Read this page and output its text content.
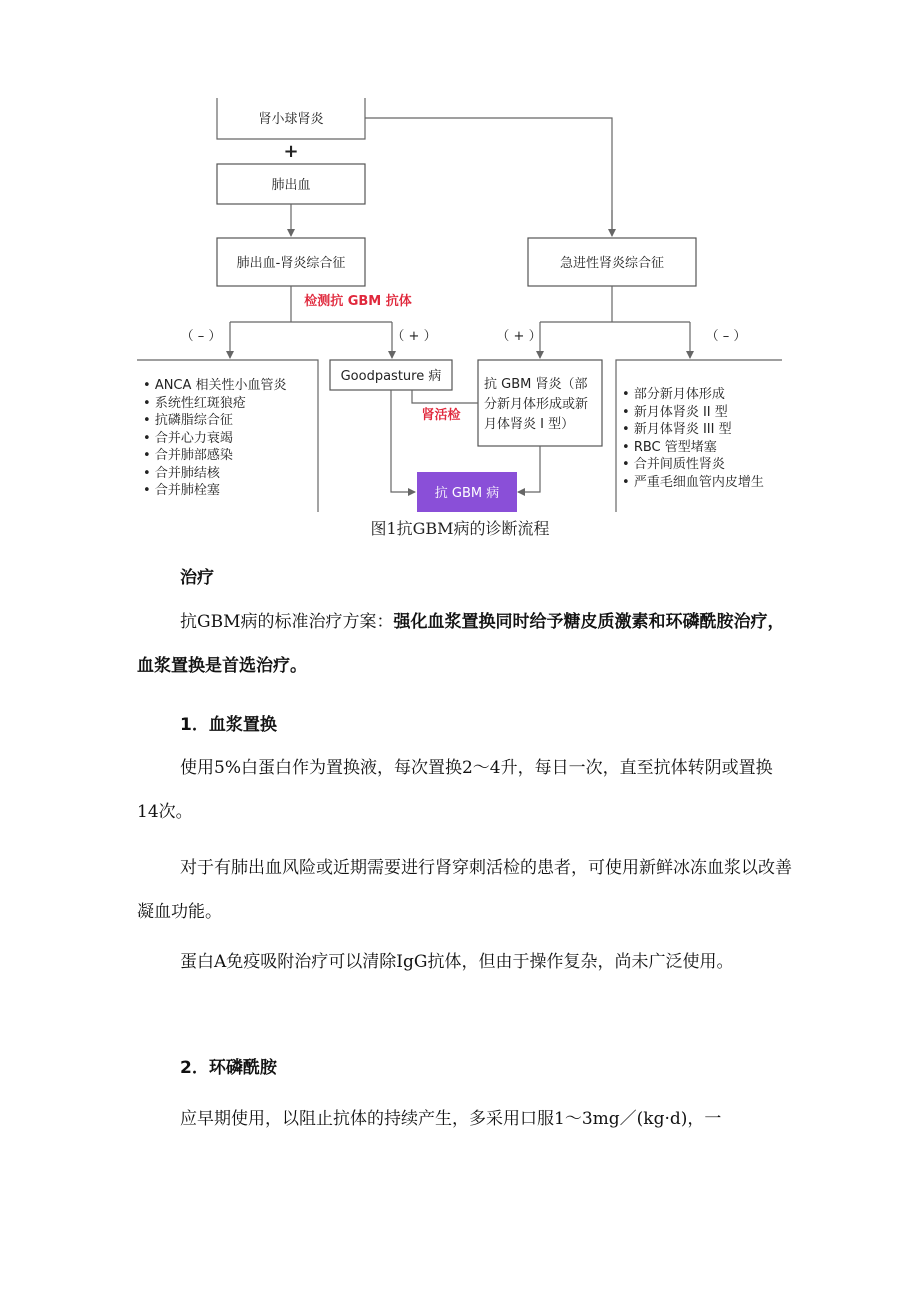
肾小球肾炎
+
肺出血
肺出血-肾炎综合征	急进性肾炎综合征
检测抗 GBM 抗体
（ – ）	（ + ）	（ + ）	（ – ）
Goodpasture 病
抗 GBM 肾炎（部
分新月体形成或新
月体肾炎 I 型）
肾活检
抗 GBM 病
• ANCA 相关性小血管炎
• 系统性红斑狼疮
• 抗磷脂综合征
• 合并心力衰竭
• 合并肺部感染
• 合并肺结核
• 合并肺栓塞
• 部分新月体形成
• 新月体肾炎 II 型
• 新月体肾炎 III 型
• RBC 管型堵塞
• 合并间质性肾炎
• 严重毛细血管内皮增生
图1抗GBM病的诊断流程

治疗

抗GBM病的标准治疗方案：强化血浆置换同时给予糖皮质激素和环磷酰胺治疗，血浆置换是首选治疗。

1．血浆置换

使用5%白蛋白作为置换液，每次置换2～4升，每日一次，直至抗体转阴或置换14次。

对于有肺出血风险或近期需要进行肾穿刺活检的患者，可使用新鲜冰冻血浆以改善凝血功能。

蛋白A免疫吸附治疗可以清除IgG抗体，但由于操作复杂，尚未广泛使用。

2．环磷酰胺

应早期使用，以阻止抗体的持续产生，多采用口服1～3mg／(kg·d)，一
